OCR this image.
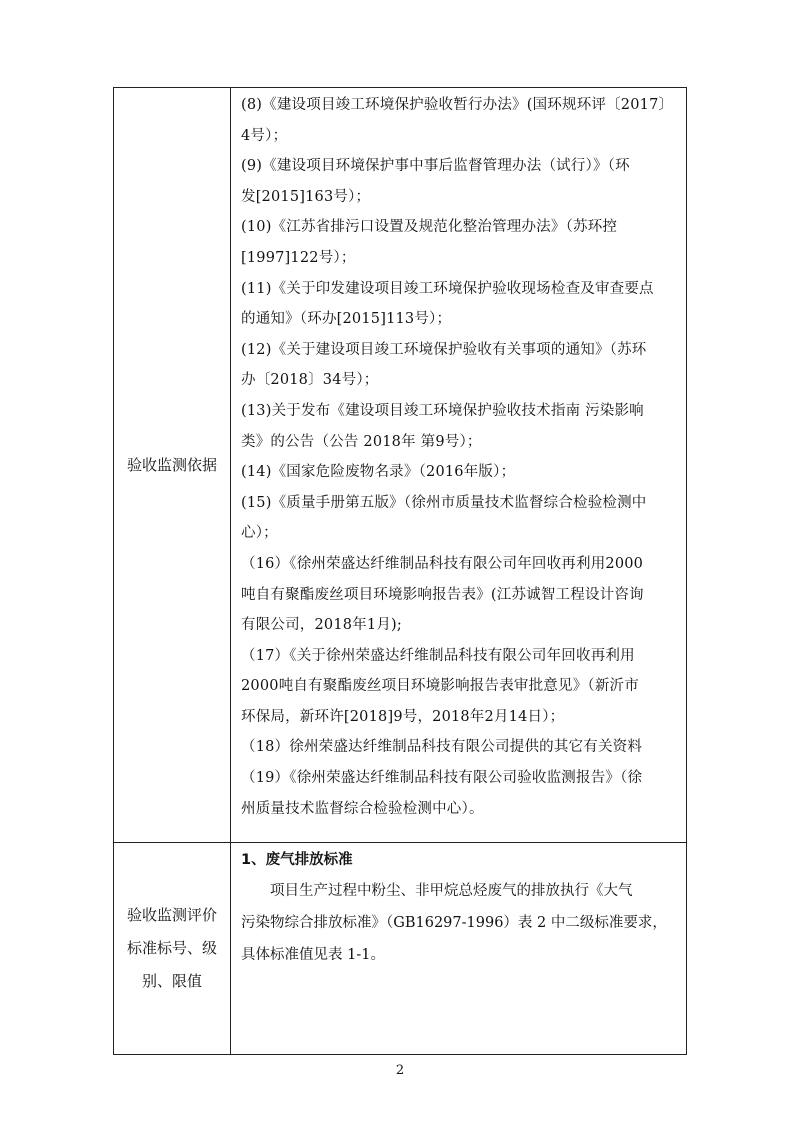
验收监测依据
(8)《建设项目竣工环境保护验收暂行办法》(国环规环评〔2017〕
4号）；
(9)《建设项目环境保护事中事后监督管理办法（试行）》（环
发[2015]163号）；
(10)《江苏省排污口设置及规范化整治管理办法》（苏环控
[1997]122号）；
(11)《关于印发建设项目竣工环境保护验收现场检查及审查要点
的通知》（环办[2015]113号）；
(12)《关于建设项目竣工环境保护验收有关事项的通知》（苏环
办〔2018〕34号）；
(13)关于发布《建设项目竣工环境保护验收技术指南 污染影响
类》的公告（公告 2018年 第9号）；
(14)《国家危险废物名录》（2016年版）；
(15)《质量手册第五版》（徐州市质量技术监督综合检验检测中
心）；
（16）《徐州荣盛达纤维制品科技有限公司年回收再利用2000
吨自有聚酯废丝项目环境影响报告表》(江苏诚智工程设计咨询
有限公司，2018年1月);
（17）《关于徐州荣盛达纤维制品科技有限公司年回收再利用
2000吨自有聚酯废丝项目环境影响报告表审批意见》（新沂市
环保局，新环许[2018]9号，2018年2月14日）；
（18）徐州荣盛达纤维制品科技有限公司提供的其它有关资料
（19）《徐州荣盛达纤维制品科技有限公司验收监测报告》（徐
州质量技术监督综合检验检测中心）。
验收监测评价
标准标号、级
别、限值
1、废气排放标准
项目生产过程中粉尘、非甲烷总烃废气的排放执行《大气
污染物综合排放标准》（GB16297-1996）表 2 中二级标准要求，
具体标准值见表 1-1。
2
